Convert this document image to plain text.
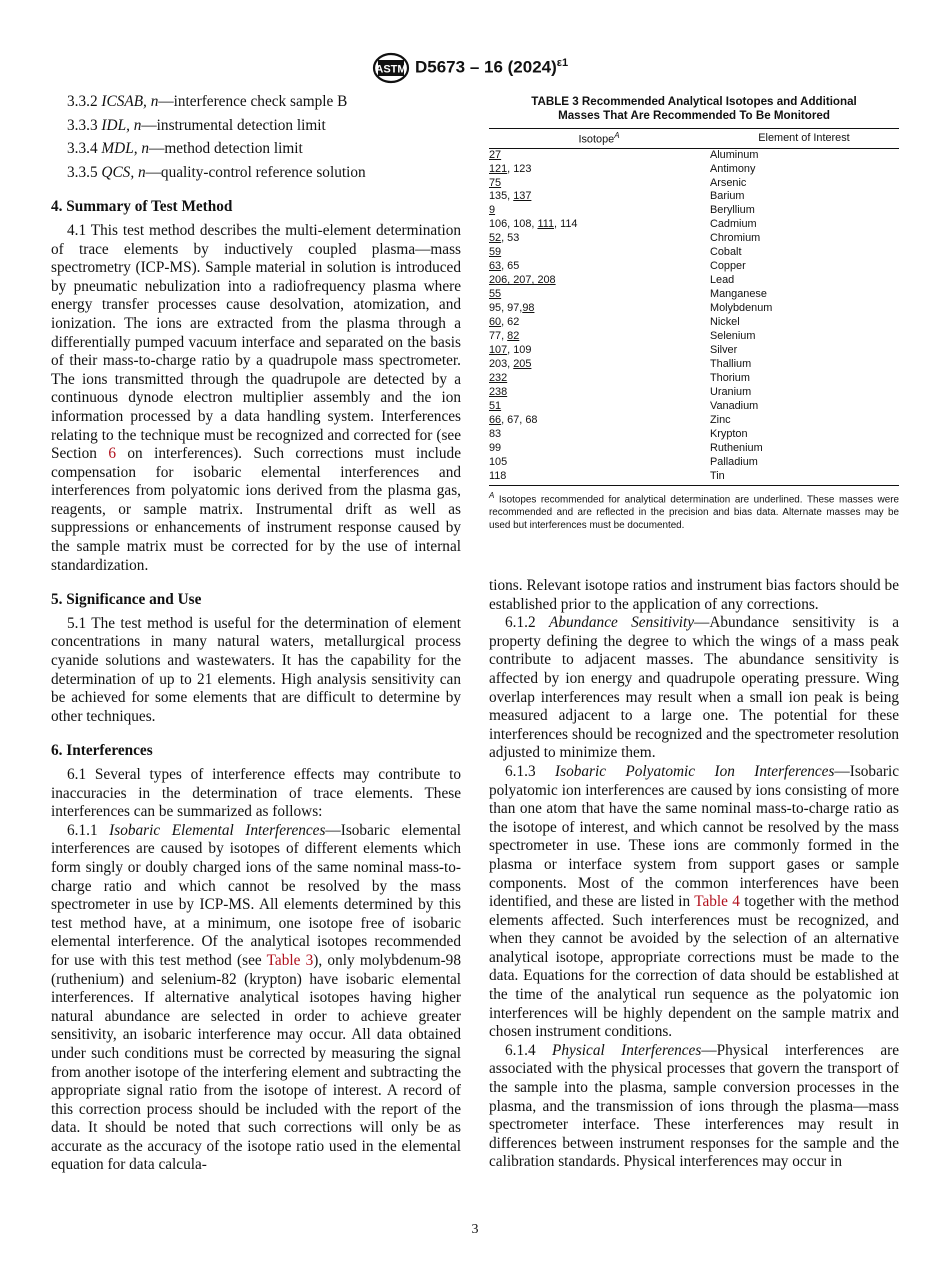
ASTM D5673 – 16 $(2024)^{\varepsilon 1}$

3.3.2 ICSAB, n—interference check sample B

3.3.3 IDL, n—instrumental detection limit

3.3.4 MDL, n—method detection limit

3.3.5 QCS, n—quality-control reference solution

4. Summary of Test Method

4.1 This test method describes the multi-element determination of trace elements by inductively coupled plasma—mass spectrometry (ICP-MS). Sample material in solution is introduced by pneumatic nebulization into a radiofrequency plasma where energy transfer processes cause desolvation, atomization, and ionization. The ions are extracted from the plasma through a differentially pumped vacuum interface and separated on the basis of their mass-to-charge ratio by a quadrupole mass spectrometer. The ions transmitted through the quadrupole are detected by a continuous dynode electron multiplier assembly and the ion information processed by a data handling system. Interferences relating to the technique must be recognized and corrected for (see Section 6 on interferences). Such corrections must include compensation for isobaric elemental interferences and interferences from polyatomic ions derived from the plasma gas, reagents, or sample matrix. Instrumental drift as well as suppressions or enhancements of instrument response caused by the sample matrix must be corrected for by the use of internal standardization.

5. Significance and Use

5.1 The test method is useful for the determination of element concentrations in many natural waters, metallurgical process cyanide solutions and wastewaters. It has the capability for the determination of up to 21 elements. High analysis sensitivity can be achieved for some elements that are difficult to determine by other techniques.

6. Interferences

6.1 Several types of interference effects may contribute to inaccuracies in the determination of trace elements. These interferences can be summarized as follows:

6.1.1 Isobaric Elemental Interferences—Isobaric elemental interferences are caused by isotopes of different elements which form singly or doubly charged ions of the same nominal mass-to-charge ratio and which cannot be resolved by the mass spectrometer in use by ICP-MS. All elements determined by this test method have, at a minimum, one isotope free of isobaric elemental interference. Of the analytical isotopes recommended for use with this test method (see Table 3), only molybdenum-98 (ruthenium) and selenium-82 (krypton) have isobaric elemental interferences. If alternative analytical isotopes having higher natural abundance are selected in order to achieve greater sensitivity, an isobaric interference may occur. All data obtained under such conditions must be corrected by measuring the signal from another isotope of the interfering element and subtracting the appropriate signal ratio from the isotope of interest. A record of this correction process should be included with the report of the data. It should be noted that such corrections will only be as accurate as the accuracy of the isotope ratio used in the elemental equation for data calcula-

TABLE 3 Recommended Analytical Isotopes and Additional
Masses That Are Recommended To Be Monitored
Isotope$^A$	Element of Interest
27	Aluminum
121, 123	Antimony
75	Arsenic
135, 137	Barium
9	Beryllium
106, 108, 111, 114	Cadmium
52, 53	Chromium
59	Cobalt
63, 65	Copper
206, 207, 208	Lead
55	Manganese
95, 97,98	Molybdenum
60, 62	Nickel
77, 82	Selenium
107, 109	Silver
203, 205	Thallium
232	Thorium
238	Uranium
51	Vanadium
66, 67, 68	Zinc
83	Krypton
99	Ruthenium
105	Palladium
118	Tin
$^A$ Isotopes recommended for analytical determination are underlined. These masses were recommended and are reflected in the precision and bias data. Alternate masses may be used but interferences must be documented.

tions. Relevant isotope ratios and instrument bias factors should be established prior to the application of any corrections.

6.1.2 Abundance Sensitivity—Abundance sensitivity is a property defining the degree to which the wings of a mass peak contribute to adjacent masses. The abundance sensitivity is affected by ion energy and quadrupole operating pressure. Wing overlap interferences may result when a small ion peak is being measured adjacent to a large one. The potential for these interferences should be recognized and the spectrometer resolution adjusted to minimize them.

6.1.3 Isobaric Polyatomic Ion Interferences—Isobaric polyatomic ion interferences are caused by ions consisting of more than one atom that have the same nominal mass-to-charge ratio as the isotope of interest, and which cannot be resolved by the mass spectrometer in use. These ions are commonly formed in the plasma or interface system from support gases or sample components. Most of the common interferences have been identified, and these are listed in Table 4 together with the method elements affected. Such interferences must be recognized, and when they cannot be avoided by the selection of an alternative analytical isotope, appropriate corrections must be made to the data. Equations for the correction of data should be established at the time of the analytical run sequence as the polyatomic ion interferences will be highly dependent on the sample matrix and chosen instrument conditions.

6.1.4 Physical Interferences—Physical interferences are associated with the physical processes that govern the transport of the sample into the plasma, sample conversion processes in the plasma, and the transmission of ions through the plasma—mass spectrometer interface. These interferences may result in differences between instrument responses for the sample and the calibration standards. Physical interferences may occur in

3
